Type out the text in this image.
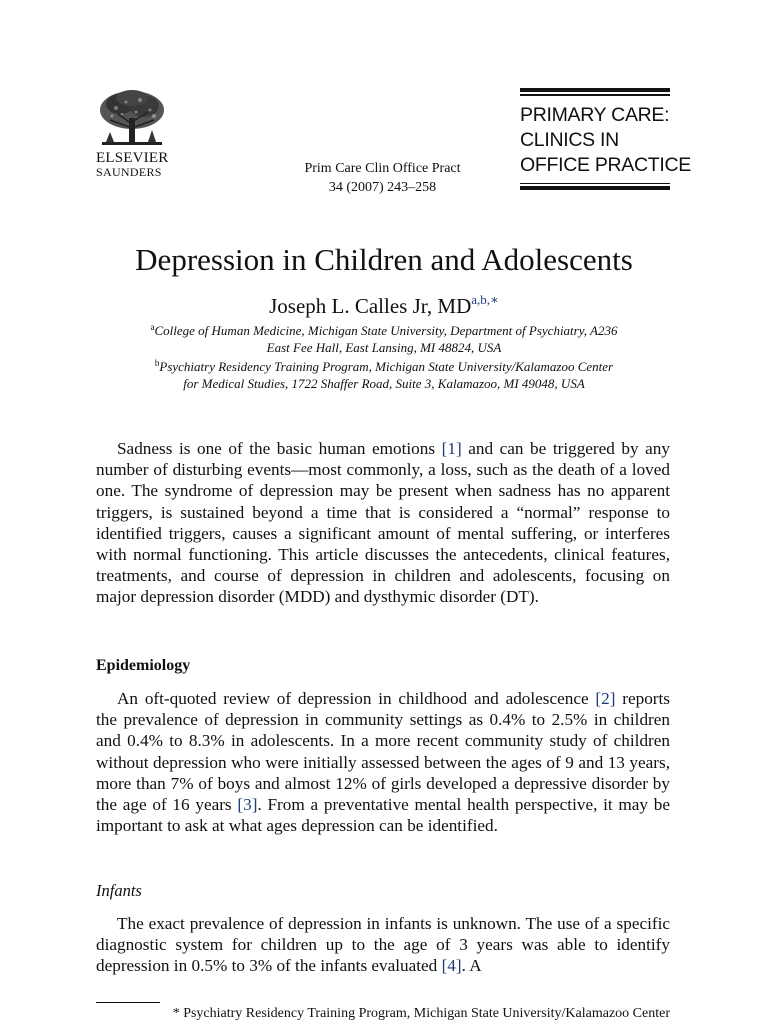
ELSEVIER
SAUNDERS	Prim Care Clin Office Pract
34 (2007) 243–258
PRIMARY CARE:
CLINICS IN
OFFICE PRACTICE
Depression in Children and Adolescents
Joseph L. Calles Jr, $MD^{a,b,∗}$
$^a$College of Human Medicine, Michigan State University, Department of Psychiatry, A236
East Fee Hall, East Lansing, MI 48824, USA
$^b$Psychiatry Residency Training Program, Michigan State University/Kalamazoo Center
for Medical Studies, 1722 Shaffer Road, Suite 3, Kalamazoo, MI 49048, USA

Sadness is one of the basic human emotions [1] and can be triggered by any number of disturbing events—most commonly, a loss, such as the death of a loved one. The syndrome of depression may be present when sadness has no apparent triggers, is sustained beyond a time that is considered a “normal” response to identified triggers, causes a significant amount of mental suffering, or interferes with normal functioning. This article discusses the antecedents, clinical features, treatments, and course of depression in children and adolescents, focusing on major depression disorder (MDD) and dysthymic disorder (DT).

Epidemiology

An oft-quoted review of depression in childhood and adolescence [2] reports the prevalence of depression in community settings as 0.4% to 2.5% in children and 0.4% to 8.3% in adolescents. In a more recent community study of children without depression who were initially assessed between the ages of 9 and 13 years, more than 7% of boys and almost 12% of girls developed a depressive disorder by the age of 16 years [3]. From a preventative mental health perspective, it may be important to ask at what ages depression can be identified.

Infants

The exact prevalence of depression in infants is unknown. The use of a specific diagnostic system for children up to the age of 3 years was able to identify depression in 0.5% to 3% of the infants evaluated [4]. A

* Psychiatry Residency Training Program, Michigan State University/Kalamazoo Center
